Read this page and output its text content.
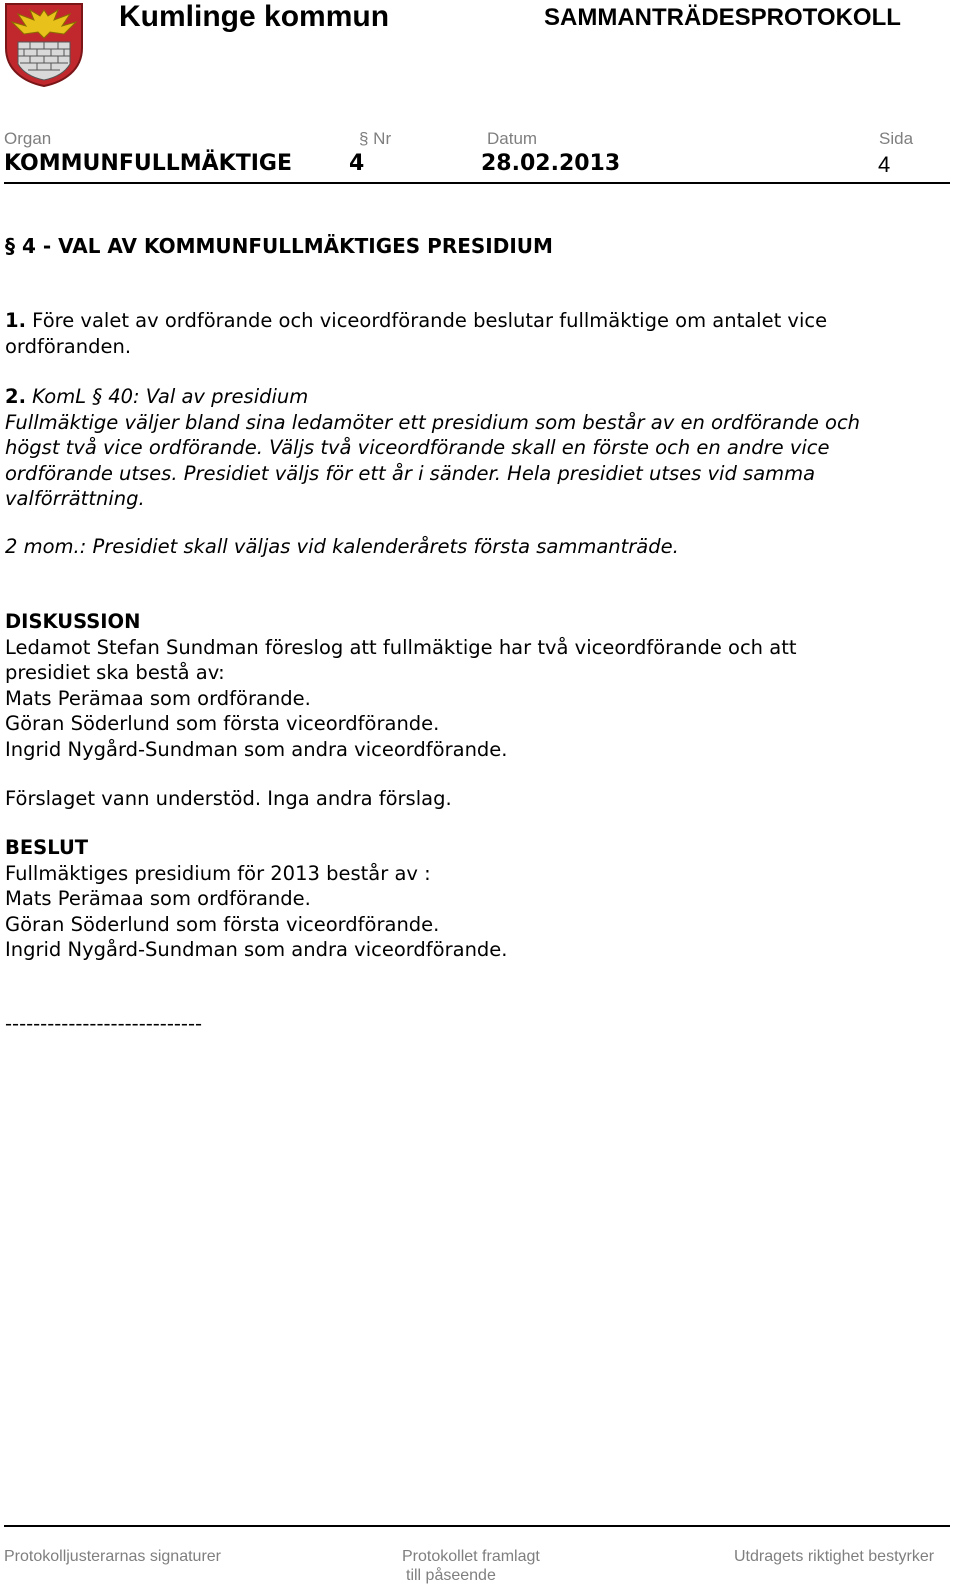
Kumlinge kommun	SAMMANTRÄDESPROTOKOLL
Organ	§ Nr	Datum	Sida
KOMMUNFULLMÄKTIGE	4	28.02.2013	4
§ 4 - VAL AV KOMMUNFULLMÄKTIGES PRESIDIUM

1. Före valet av ordförande och viceordförande beslutar fullmäktige om antalet vice

ordföranden.

2. KomL § 40: Val av presidium

Fullmäktige väljer bland sina ledamöter ett presidium som består av en ordförande och

högst två vice ordförande. Väljs två viceordförande skall en förste och en andre vice

ordförande utses. Presidiet väljs för ett år i sänder. Hela presidiet utses vid samma

valförrättning.

2 mom.: Presidiet skall väljas vid kalenderårets första sammanträde.

DISKUSSION

Ledamot Stefan Sundman föreslog att fullmäktige har två viceordförande och att

presidiet ska bestå av:

Mats Perämaa som ordförande.

Göran Söderlund som första viceordförande.

Ingrid Nygård-Sundman som andra viceordförande.

Förslaget vann understöd. Inga andra förslag.

BESLUT

Fullmäktiges presidium för 2013 består av :

Mats Perämaa som ordförande.

Göran Söderlund som första viceordförande.

Ingrid Nygård-Sundman som andra viceordförande.

----------------------------
Protokolljusterarnas signaturer	Protokollet framlagt
till påseende
Utdragets riktighet bestyrker
